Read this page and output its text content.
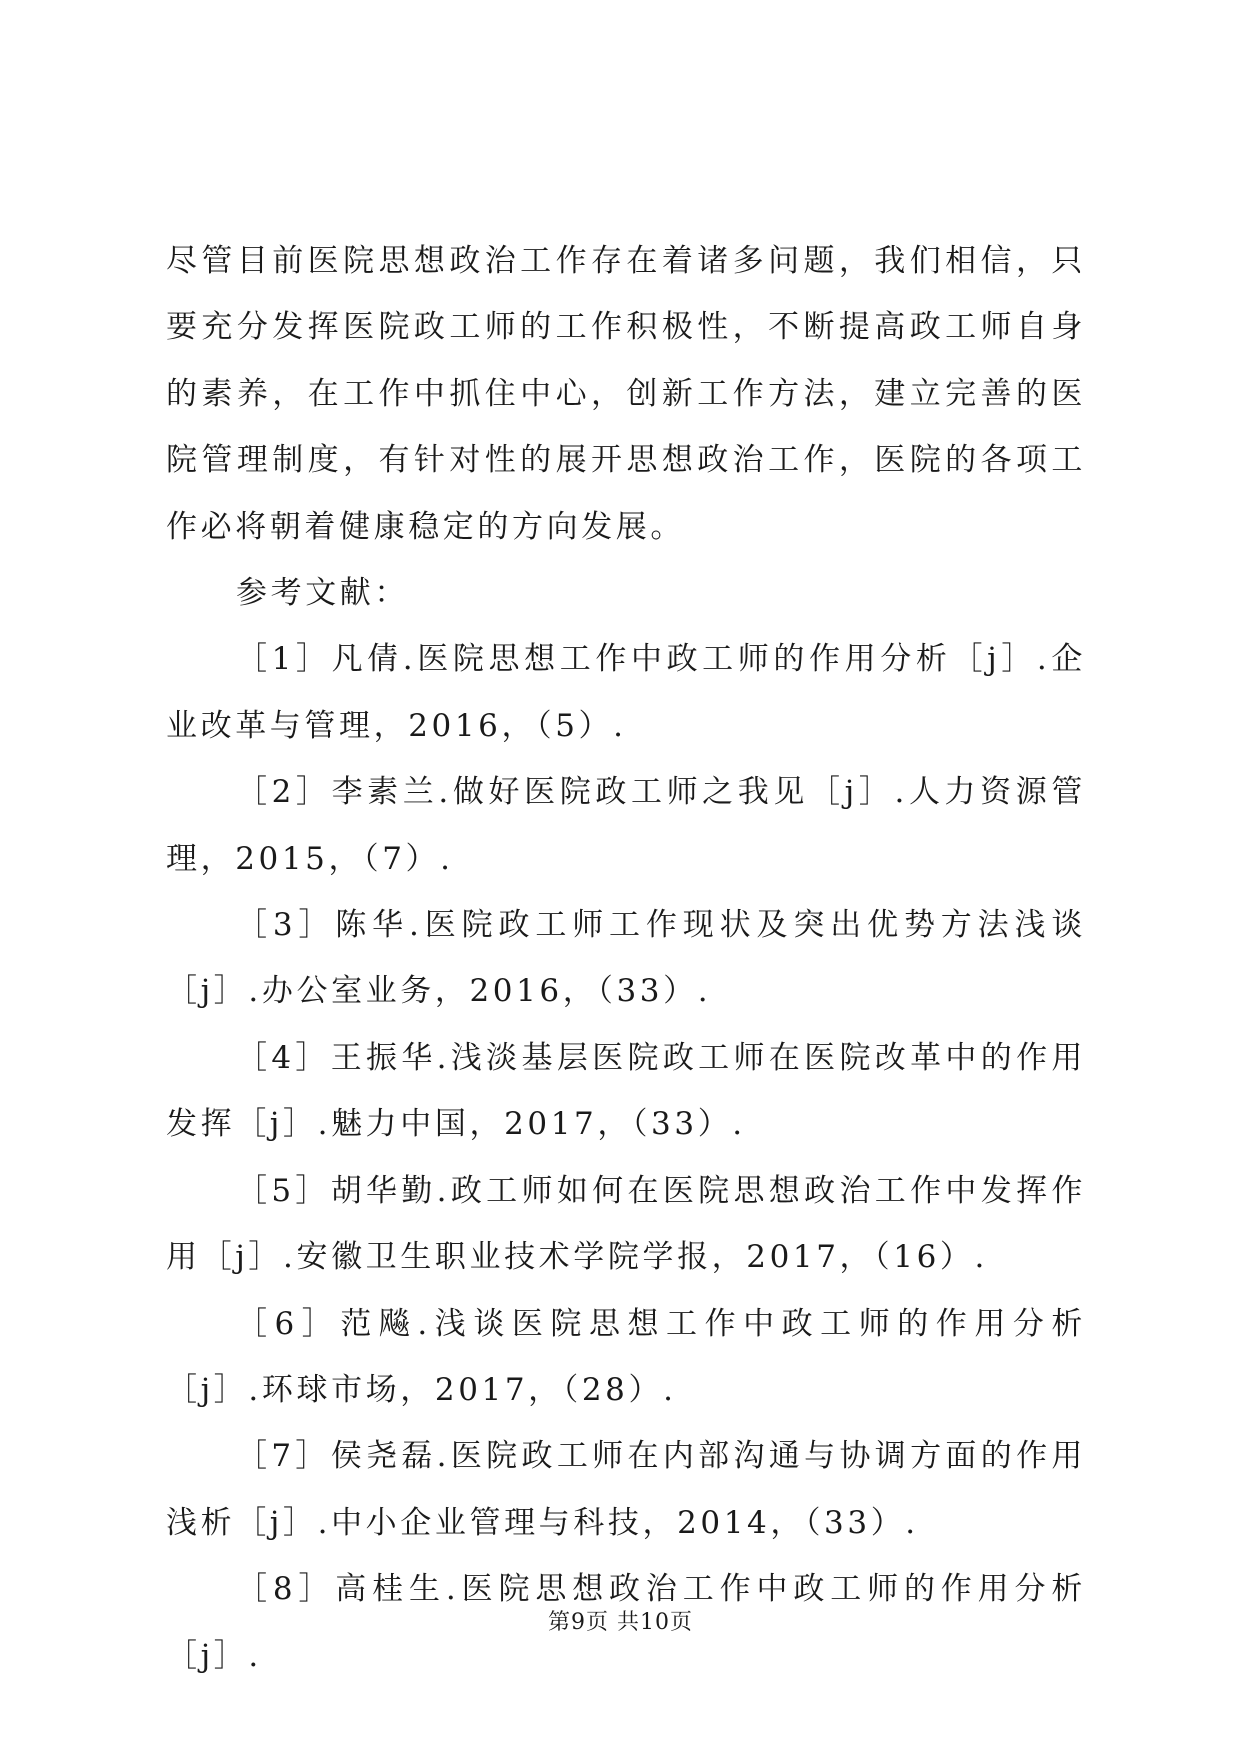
尽管目前医院思想政治工作存在着诸多问题，我们相信，只要充分发挥医院政工师的工作积极性，不断提高政工师自身的素养，在工作中抓住中心，创新工作方法，建立完善的医院管理制度，有针对性的展开思想政治工作，医院的各项工作必将朝着健康稳定的方向发展。

参考文献：

［1］凡倩.医院思想工作中政工师的作用分析［j］.企业改革与管理，2016，（5）.

［2］李素兰.做好医院政工师之我见［j］.人力资源管理，2015，（7）.

［3］陈华.医院政工师工作现状及突出优势方法浅谈［j］.办公室业务，2016，（33）.

［4］王振华.浅淡基层医院政工师在医院改革中的作用发挥［j］.魅力中国，2017，（33）.

［5］胡华勤.政工师如何在医院思想政治工作中发挥作用［j］.安徽卫生职业技术学院学报，2017，（16）.

［6］范飚.浅谈医院思想工作中政工师的作用分析［j］.环球市场，2017，（28）.

［7］侯尧磊.医院政工师在内部沟通与协调方面的作用浅析［j］.中小企业管理与科技，2014，（33）.

［8］高桂生.医院思想政治工作中政工师的作用分析［j］.

第9页 共10页
